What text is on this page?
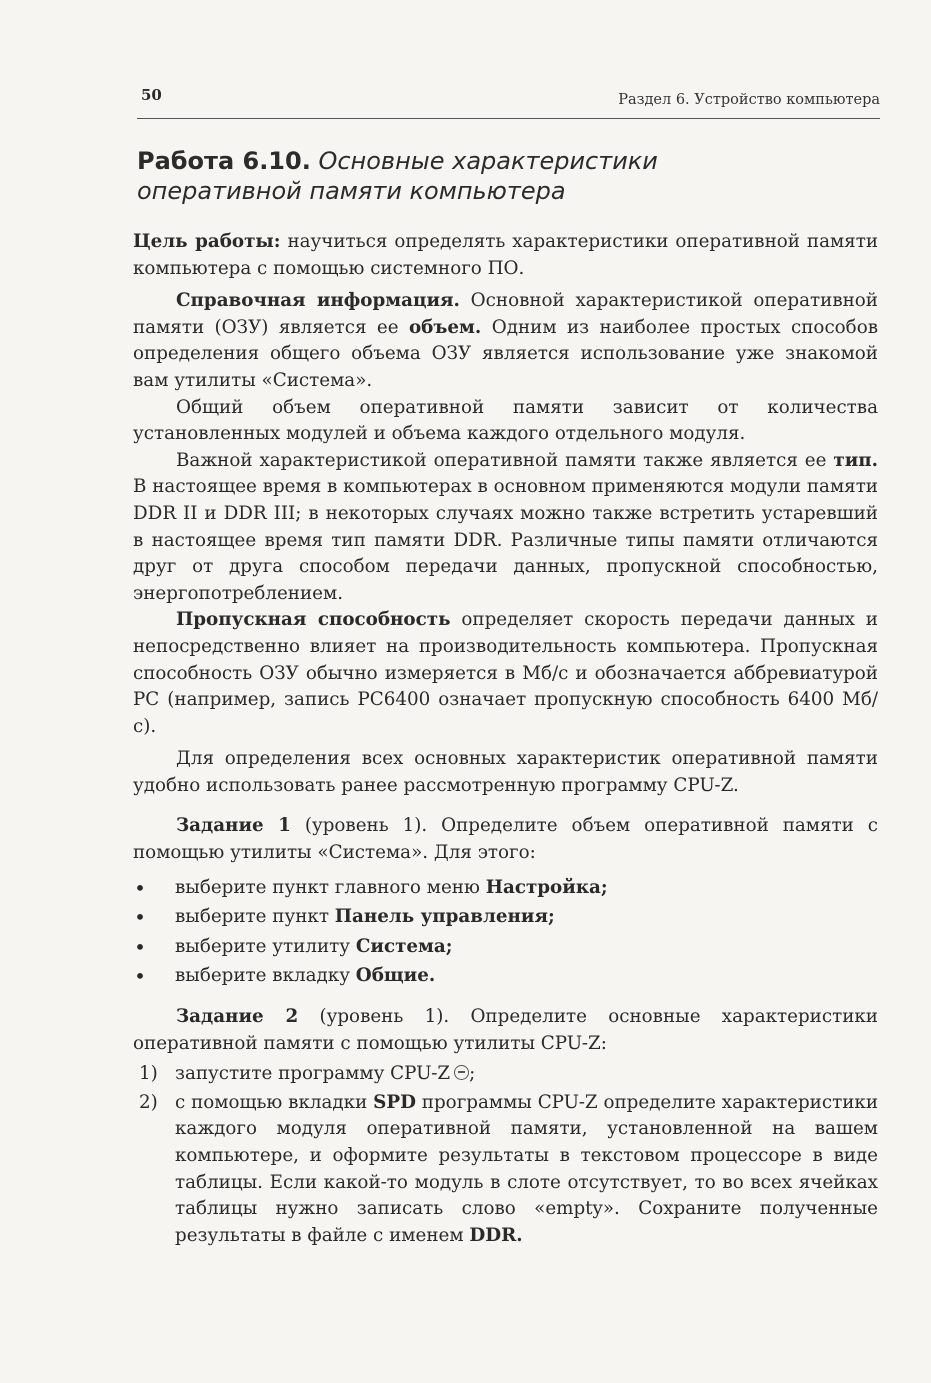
50	Раздел 6. Устройство компьютера
Работа 6.10. Основные характеристики
оперативной памяти компьютера

Цель работы: научиться определять характеристики оперативной памяти компьютера с помощью системного ПО.

Справочная информация. Основной характеристикой оперативной памяти (ОЗУ) является ее объем. Одним из наиболее простых способов определения общего объема ОЗУ является использование уже знакомой вам утилиты «Система».

Общий объем оперативной памяти зависит от количества установленных модулей и объема каждого отдельного модуля.

Важной характеристикой оперативной памяти также является ее тип. В настоящее время в компьютерах в основном применяются модули памяти DDR II и DDR III; в некоторых случаях можно также встретить устаревший в настоящее время тип памяти DDR. Различные типы памяти отличаются друг от друга способом передачи данных, пропускной способностью, энергопотреблением.

Пропускная способность определяет скорость передачи данных и непосредственно влияет на производительность компьютера. Пропускная способность ОЗУ обычно измеряется в Мб/с и обозначается аббревиатурой PC (например, запись PC6400 означает пропускную способность 6400 Мб/с).

Для определения всех основных характеристик оперативной памяти удобно использовать ранее рассмотренную программу CPU-Z.

Задание 1 (уровень 1). Определите объем оперативной памяти с помощью утилиты «Система». Для этого:

• выберите пункт главного меню Настройка;
• выберите пункт Панель управления;
• выберите утилиту Система;
• выберите вкладку Общие.

Задание 2 (уровень 1). Определите основные характеристики оперативной памяти с помощью утилиты CPU-Z:

1) запустите программу CPU-Z ;
2) с помощью вкладки SPD программы CPU-Z определите характеристики каждого модуля оперативной памяти, установленной на вашем компьютере, и оформите результаты в текстовом процессоре в виде таблицы. Если какой-то модуль в слоте отсутствует, то во всех ячейках таблицы нужно записать слово «empty». Сохраните полученные результаты в файле с именем DDR.
